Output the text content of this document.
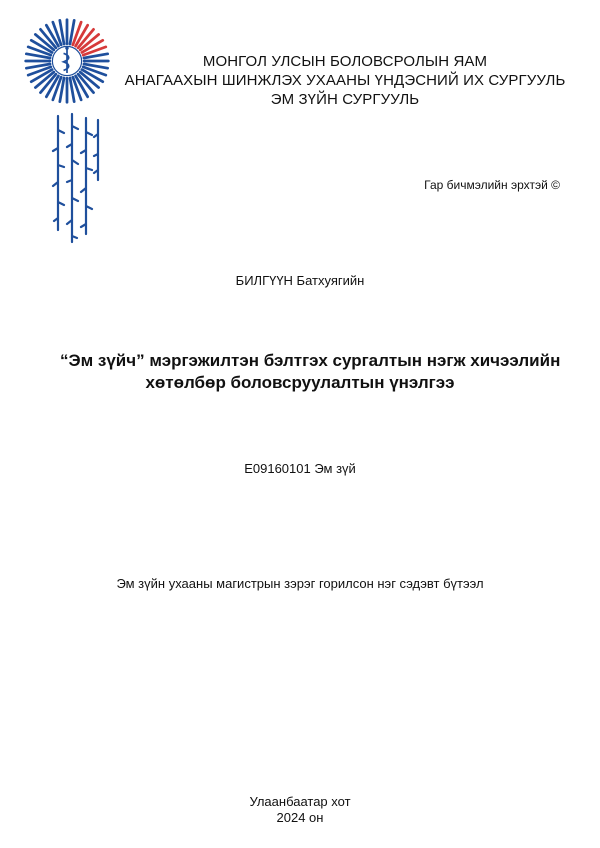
МОНГОЛ УЛСЫН БОЛОВСРОЛЫН ЯАМ
АНАГААХЫН ШИНЖЛЭХ УХААНЫ ҮНДЭСНИЙ ИХ СУРГУУЛЬ
ЭМ ЗҮЙН СУРГУУЛЬ
Гар бичмэлийн эрхтэй ©
БИЛГҮҮН Батхуягийн
“Эм зүйч” мэргэжилтэн бэлтгэх сургалтын нэгж хичээлийн
хөтөлбөр боловсруулалтын үнэлгээ
E09160101 Эм зүй
Эм зүйн ухааны магистрын зэрэг горилсон нэг сэдэвт бүтээл
Улаанбаатар хот
2024 он
